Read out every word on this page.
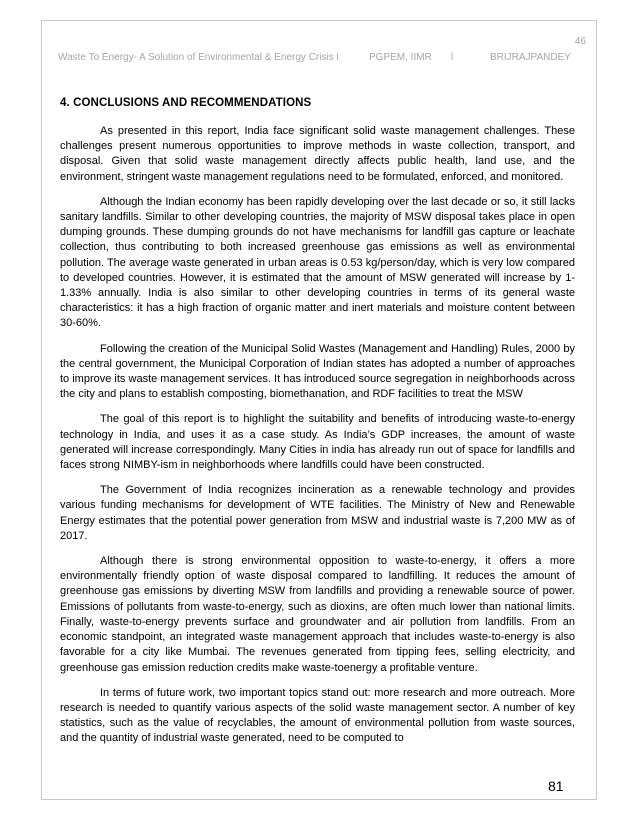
46
Waste To Energy- A Solution of Environmental & Energy Crisis l	PGPEM, IIMR l	BRIJRAJPANDEY
4. CONCLUSIONS AND RECOMMENDATIONS

As presented in this report, India face significant solid waste management challenges. These challenges present numerous opportunities to improve methods in waste collection, transport, and disposal. Given that solid waste management directly affects public health, land use, and the environment, stringent waste management regulations need to be formulated, enforced, and monitored.

Although the Indian economy has been rapidly developing over the last decade or so, it still lacks sanitary landfills. Similar to other developing countries, the majority of MSW disposal takes place in open dumping grounds. These dumping grounds do not have mechanisms for landfill gas capture or leachate collection, thus contributing to both increased greenhouse gas emissions as well as environmental pollution. The average waste generated in urban areas is 0.53 kg/person/day, which is very low compared to developed countries. However, it is estimated that the amount of MSW generated will increase by 1-1.33% annually. India is also similar to other developing countries in terms of its general waste characteristics: it has a high fraction of organic matter and inert materials and moisture content between 30-60%.

Following the creation of the Municipal Solid Wastes (Management and Handling) Rules, 2000 by the central government, the Municipal Corporation of Indian states has adopted a number of approaches to improve its waste management services. It has introduced source segregation in neighborhoods across the city and plans to establish composting, biomethanation, and RDF facilities to treat the MSW

The goal of this report is to highlight the suitability and benefits of introducing waste-to-energy technology in India, and uses it as a case study. As India’s GDP increases, the amount of waste generated will increase correspondingly. Many Cities in india has already run out of space for landfills and faces strong NIMBY-ism in neighborhoods where landfills could have been constructed.

The Government of India recognizes incineration as a renewable technology and provides various funding mechanisms for development of WTE facilities. The Ministry of New and Renewable Energy estimates that the potential power generation from MSW and industrial waste is 7,200 MW as of 2017.

Although there is strong environmental opposition to waste-to-energy, it offers a more environmentally friendly option of waste disposal compared to landfilling. It reduces the amount of greenhouse gas emissions by diverting MSW from landfills and providing a renewable source of power. Emissions of pollutants from waste-to-energy, such as dioxins, are often much lower than national limits. Finally, waste-to-energy prevents surface and groundwater and air pollution from landfills. From an economic standpoint, an integrated waste management approach that includes waste-to-energy is also favorable for a city like Mumbai. The revenues generated from tipping fees, selling electricity, and greenhouse gas emission reduction credits make waste-toenergy a profitable venture.

In terms of future work, two important topics stand out: more research and more outreach. More research is needed to quantify various aspects of the solid waste management sector. A number of key statistics, such as the value of recyclables, the amount of environmental pollution from waste sources, and the quantity of industrial waste generated, need to be computed to

81
